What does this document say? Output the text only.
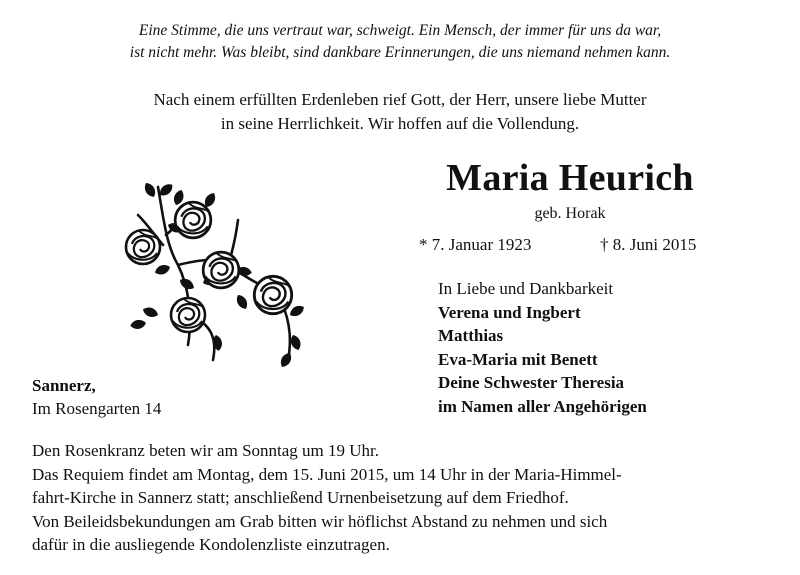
Eine Stimme, die uns vertraut war, schweigt. Ein Mensch, der immer für uns da war,
ist nicht mehr. Was bleibt, sind dankbare Erinnerungen, die uns niemand nehmen kann.
Nach einem erfüllten Erdenleben rief Gott, der Herr, unsere liebe Mutter
in seine Herrlichkeit. Wir hoffen auf die Vollendung.
Maria Heurich
geb. Horak
* 7. Januar 1923	† 8. Juni 2015
In Liebe und Dankbarkeit
Verena und Ingbert
Matthias
Eva-Maria mit Benett
Deine Schwester Theresia
im Namen aller Angehörigen
Sannerz,
Im Rosengarten 14
Den Rosenkranz beten wir am Sonntag um 19 Uhr.
Das Requiem findet am Montag, dem 15. Juni 2015, um 14 Uhr in der Maria-Himmel-
fahrt-Kirche in Sannerz statt; anschließend Urnenbeisetzung auf dem Friedhof.
Von Beileidsbekundungen am Grab bitten wir höflichst Abstand zu nehmen und sich
dafür in die ausliegende Kondolenzliste einzutragen.
